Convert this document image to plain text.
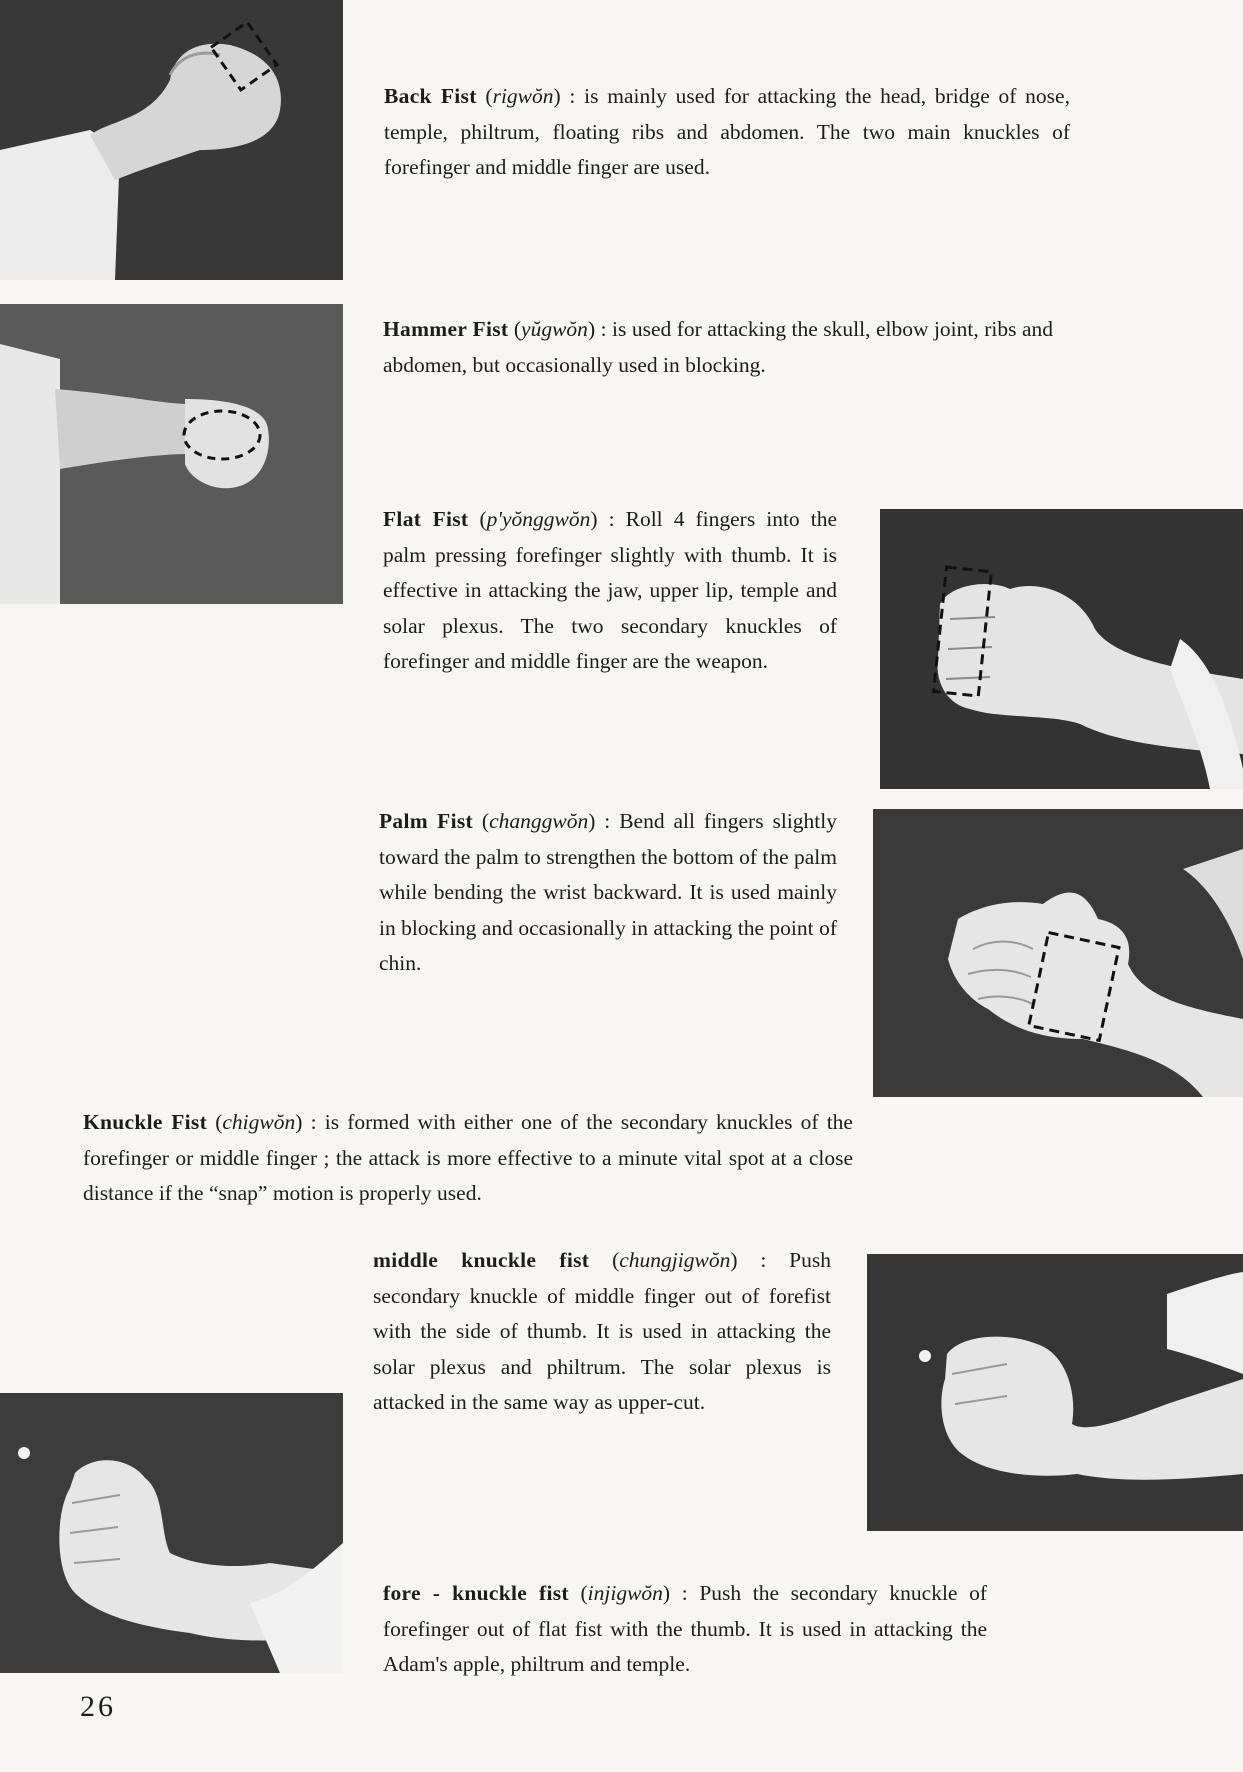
Back Fist (rigwŏn) : is mainly used for attacking the head, bridge of nose, temple, philtrum, floating ribs and abdomen. The two main knuckles of forefinger and middle finger are used.
Hammer Fist (yŭgwŏn) : is used for attacking the skull, elbow joint, ribs and abdomen, but occasionally used in blocking.
Flat Fist (p'yŏnggwŏn) : Roll 4 fingers into the palm pressing forefinger slightly with thumb. It is effective in attacking the jaw, upper lip, temple and solar plexus. The two secondary knuckles of forefinger and middle finger are the weapon.
Palm Fist (changgwŏn) : Bend all fingers slightly toward the palm to strengthen the bottom of the palm while bending the wrist backward. It is used mainly in blocking and occasionally in attacking the point of chin.
Knuckle Fist (chigwŏn) : is formed with either one of the secondary knuckles of the forefinger or middle finger ; the attack is more effective to a minute vital spot at a close distance if the “snap” motion is properly used.
middle knuckle fist (chungjigwŏn) : Push secondary knuckle of middle finger out of forefist with the side of thumb. It is used in attacking the solar plexus and philtrum. The solar plexus is attacked in the same way as upper-cut.
fore - knuckle fist (injigwŏn) : Push the secondary knuckle of forefinger out of flat fist with the thumb. It is used in attacking the Adam's apple, philtrum and temple.
26
